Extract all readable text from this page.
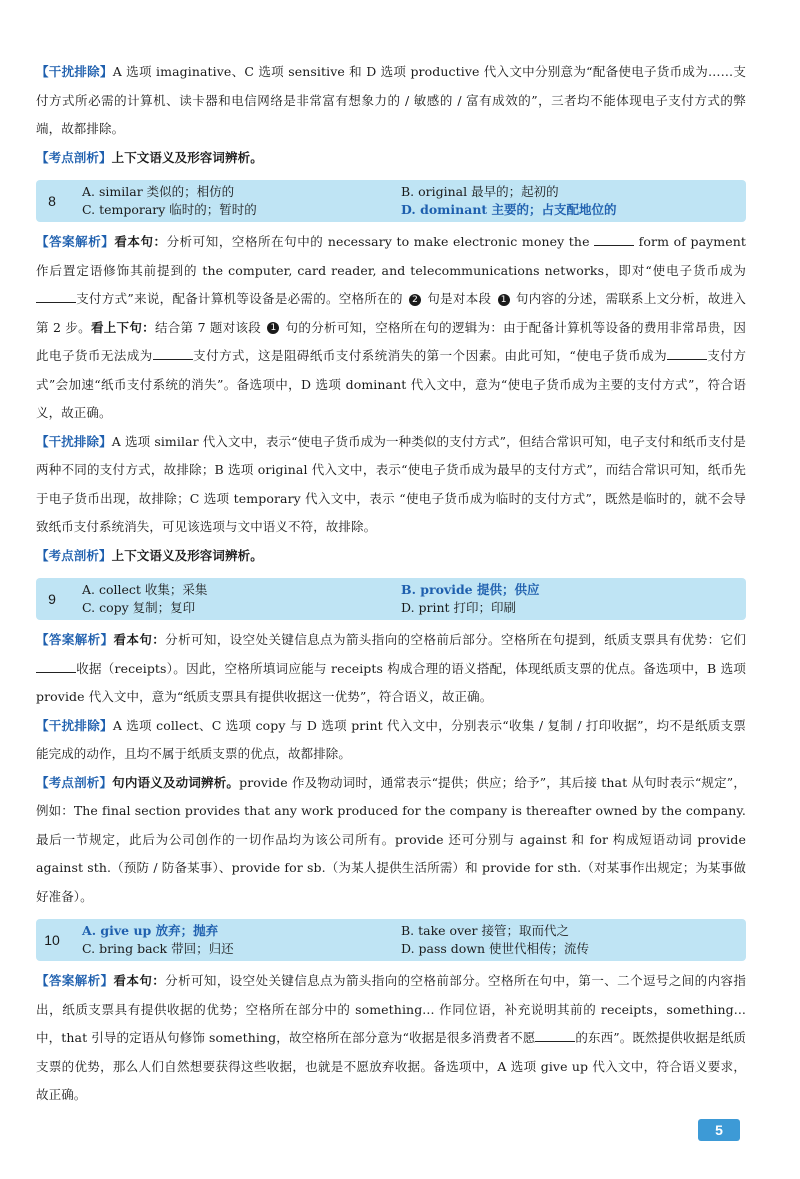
【干扰排除】A 选项 imaginative、C 选项 sensitive 和 D 选项 productive 代入文中分别意为“配备使电子货币成为……支付方式所必需的计算机、读卡器和电信网络是非常富有想象力的 / 敏感的 / 富有成效的”，三者均不能体现电子支付方式的弊端，故都排除。

【考点剖析】上下文语义及形容词辨析。

8
A. similar 类似的；相仿的	B. original 最早的；起初的
C. temporary 临时的；暂时的	D. dominant 主要的；占支配地位的

【答案解析】看本句：分析可知，空格所在句中的 necessary to make electronic money the	form of payment 作后置定语修饰其前提到的 the computer, card reader, and telecommunications networks，即对“使电子货币成为支付方式”来说，配备计算机等设备是必需的。空格所在的 2 句是对本段 1 句内容的分述，需联系上文分析，故进入第 2 步。看上下句：结合第 7 题对该段 1 句的分析可知，空格所在句的逻辑为：由于配备计算机等设备的费用非常昂贵，因此电子货币无法成为	支付方式，这是阻碍纸币支付系统消失的第一个因素。由此可知，“使电子货币成为	支付方式”会加速“纸币支付系统的消失”。备选项中，D 选项 dominant 代入文中，意为“使电子货币成为主要的支付方式”，符合语义，故正确。

【干扰排除】A 选项 similar 代入文中，表示“使电子货币成为一种类似的支付方式”，但结合常识可知，电子支付和纸币支付是两种不同的支付方式，故排除；B 选项 original 代入文中，表示“使电子货币成为最早的支付方式”，而结合常识可知，纸币先于电子货币出现，故排除；C 选项 temporary 代入文中，表示 “使电子货币成为临时的支付方式”，既然是临时的，就不会导致纸币支付系统消失，可见该选项与文中语义不符，故排除。

【考点剖析】上下文语义及形容词辨析。

9
A. collect 收集；采集	B. provide 提供；供应
C. copy 复制；复印	D. print 打印；印刷

【答案解析】看本句：分析可知，设空处关键信息点为箭头指向的空格前后部分。空格所在句提到，纸质支票具有优势：它们收据（receipts）。因此，空格所填词应能与 receipts 构成合理的语义搭配，体现纸质支票的优点。备选项中，B 选项 provide 代入文中，意为“纸质支票具有提供收据这一优势”，符合语义，故正确。

【干扰排除】A 选项 collect、C 选项 copy 与 D 选项 print 代入文中，分别表示“收集 / 复制 / 打印收据”，均不是纸质支票能完成的动作，且均不属于纸质支票的优点，故都排除。

【考点剖析】句内语义及动词辨析。provide 作及物动词时，通常表示“提供；供应；给予”，其后接 that 从句时表示“规定”，例如：The final section provides that any work produced for the company is thereafter owned by the company. 最后一节规定，此后为公司创作的一切作品均为该公司所有。provide 还可分别与 against 和 for 构成短语动词 provide against sth.（预防 / 防备某事）、provide for sb.（为某人提供生活所需）和 provide for sth.（对某事作出规定；为某事做好准备）。

10
A. give up 放弃；抛弃	B. take over 接管；取而代之
C. bring back 带回；归还	D. pass down 使世代相传；流传

【答案解析】看本句：分析可知，设空处关键信息点为箭头指向的空格前部分。空格所在句中，第一、二个逗号之间的内容指出，纸质支票具有提供收据的优势；空格所在部分中的 something... 作同位语，补充说明其前的 receipts，something... 中，that 引导的定语从句修饰 something，故空格所在部分意为“收据是很多消费者不愿	的东西”。既然提供收据是纸质支票的优势，那么人们自然想要获得这些收据，也就是不愿放弃收据。备选项中，A 选项 give up 代入文中，符合语义要求，故正确。

5
